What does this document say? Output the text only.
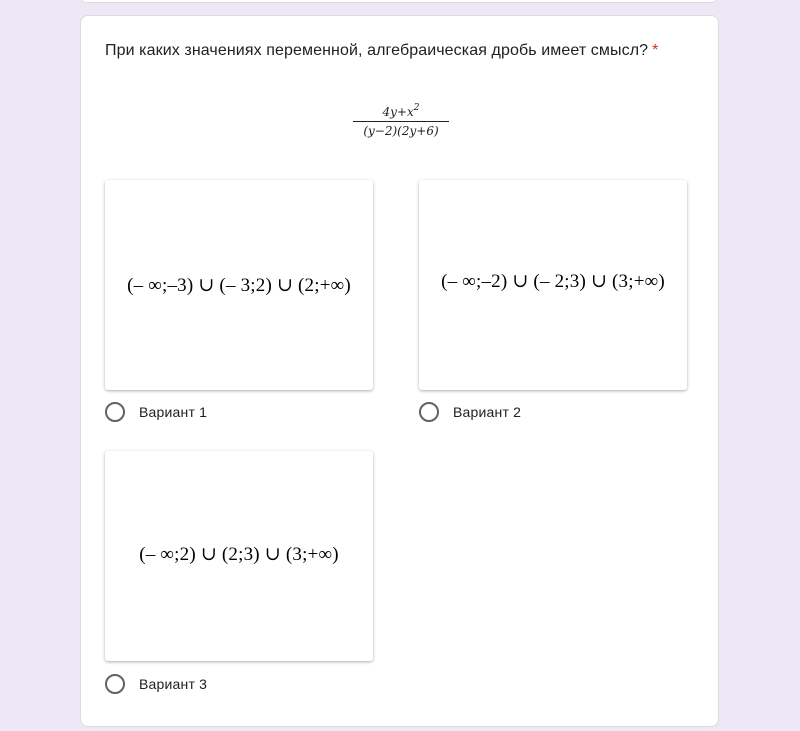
При каких значениях переменной, алгебраическая дробь имеет смысл? *
$\frac{4y+x^2}{(y-2)(2y+6)}$
(– ∞;–3) ∪ (– 3;2) ∪ (2;+∞)
Вариант 1
(– ∞;–2) ∪ (– 2;3) ∪ (3;+∞)
Вариант 2
(– ∞;2) ∪ (2;3) ∪ (3;+∞)
Вариант 3
